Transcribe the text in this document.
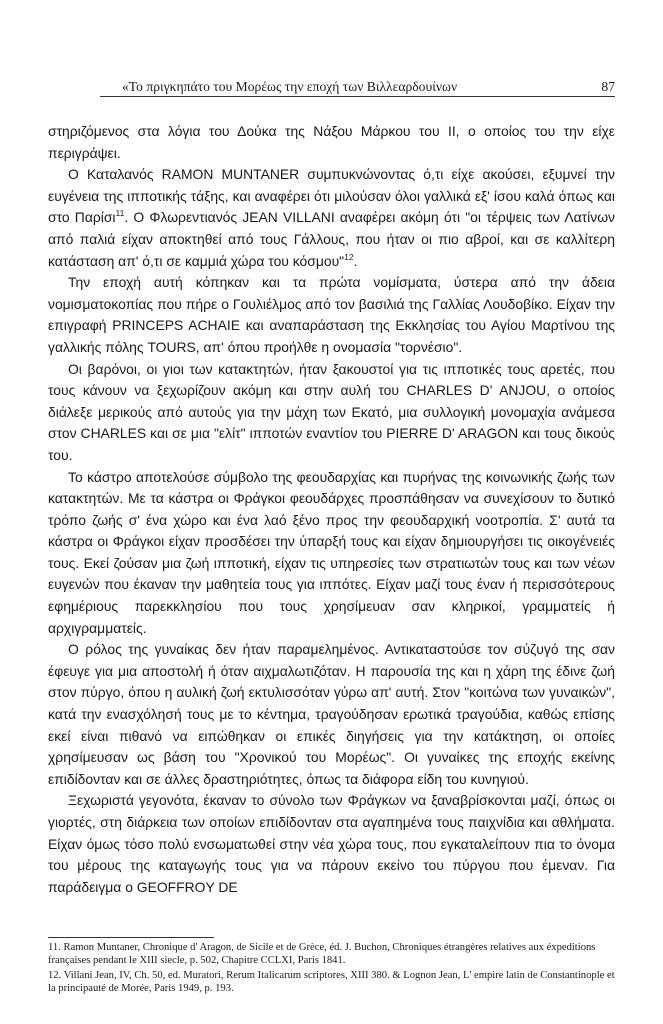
«Το πριγκηπάτο του Μορέως την εποχή των Βιλλεαρδουίνων	87

στηριζόμενος στα λόγια του Δούκα της Νάξου Μάρκου του II, ο οποίος του την είχε περιγράψει.

Ο Καταλανός RAMON MUNTANER συμπυκνώνοντας ό,τι είχε ακούσει, εξυμνεί την ευγένεια της ιπποτικής τάξης, και αναφέρει ότι μιλούσαν όλοι γαλλικά εξ' ίσου καλά όπως και στο Παρίσι$^{11}$. Ο Φλωρεντιανός JEAN VILLANI αναφέρει ακόμη ότι "οι τέρψεις των Λατίνων από παλιά είχαν αποκτηθεί από τους Γάλλους, που ήταν οι πιο αβροί, και σε καλλίτερη κατάσταση απ' ό,τι σε καμμιά χώρα του κόσμου"$^{12}$.

Την εποχή αυτή κόπηκαν και τα πρώτα νομίσματα, ύστερα από την άδεια νομισματοκοπίας που πήρε ο Γουλιέλμος από τον βασιλιά της Γαλλίας Λουδοβίκο. Είχαν την επιγραφή PRINCEPS ACHAIE και αναπαράσταση της Εκκλησίας του Αγίου Μαρτίνου της γαλλικής πόλης TOURS, απ' όπου προήλθε η ονομασία "τορνέσιο".

Οι βαρόνοι, οι γιοι των κατακτητών, ήταν ξακουστοί για τις ιπποτικές τους αρετές, που τους κάνουν να ξεχωρίζουν ακόμη και στην αυλή του CHARLES D' ANJOU, ο οποίος διάλεξε μερικούς από αυτούς για την μάχη των Εκατό, μια συλλογική μονομαχία ανάμεσα στον CHARLES και σε μια "ελίτ" ιπποτών εναντίον του PIERRE D' ARAGON και τους δικούς του.

Το κάστρο αποτελούσε σύμβολο της φεουδαρχίας και πυρήνας της κοινωνικής ζωής των κατακτητών. Με τα κάστρα οι Φράγκοι φεουδάρχες προσπάθησαν να συνεχίσουν το δυτικό τρόπο ζωής σ' ένα χώρο και ένα λαό ξένο προς την φεουδαρχική νοοτροπία. Σ' αυτά τα κάστρα οι Φράγκοι είχαν προσδέσει την ύπαρξή τους και είχαν δημιουργήσει τις οικογένειές τους. Εκεί ζούσαν μια ζωή ιπποτική, είχαν τις υπηρεσίες των στρατιωτών τους και των νέων ευγενών που έκαναν την μαθητεία τους για ιππότες. Είχαν μαζί τους έναν ή περισσότερους εφημέριους παρεκκλησίου που τους χρησίμευαν σαν κληρικοί, γραμματείς ή αρχιγραμματείς.

Ο ρόλος της γυναίκας δεν ήταν παραμελημένος. Αντικαταστούσε τον σύζυγό της σαν έφευγε για μια αποστολή ή όταν αιχμαλωτιζόταν. Η παρουσία της και η χάρη της έδινε ζωή στον πύργο, όπου η αυλική ζωή εκτυλισσόταν γύρω απ' αυτή. Στον "κοιτώνα των γυναικών", κατά την ενασχόλησή τους με το κέντημα, τραγούδησαν ερωτικά τραγούδια, καθώς επίσης εκεί είναι πιθανό να ειπώθηκαν οι επικές διηγήσεις για την κατάκτηση, οι οποίες χρησίμευσαν ως βάση του "Χρονικού του Μορέως". Οι γυναίκες της εποχής εκείνης επιδίδονταν και σε άλλες δραστηριότητες, όπως τα διάφορα είδη του κυνηγιού.

Ξεχωριστά γεγονότα, έκαναν το σύνολο των Φράγκων να ξαναβρίσκονται μαζί, όπως οι γιορτές, στη διάρκεια των οποίων επιδίδονταν στα αγαπημένα τους παιχνίδια και αθλήματα. Είχαν όμως τόσο πολύ ενσωματωθεί στην νέα χώρα τους, που εγκαταλείπουν πια το όνομα του μέρους της καταγωγής τους για να πάρουν εκείνο του πύργου που έμεναν. Για παράδειγμα ο GEOFFROY DE

11. Ramon Muntaner, Chronique d' Aragon, de Sicile et de Grèce, éd. J. Buchon, Chroniques étrangères relatives aux éxpeditions françaises pendant le XIII siecle, p. 502, Chapitre CCLXI, Paris 1841.

12. Villani Jean, IV, Ch. 50, ed. Muratori, Rerum Italicarum scriptores, XIII 380. & Lognon Jean, L' empire latin de Constantinople et la principauté de Morée, Paris 1949, p. 193.
